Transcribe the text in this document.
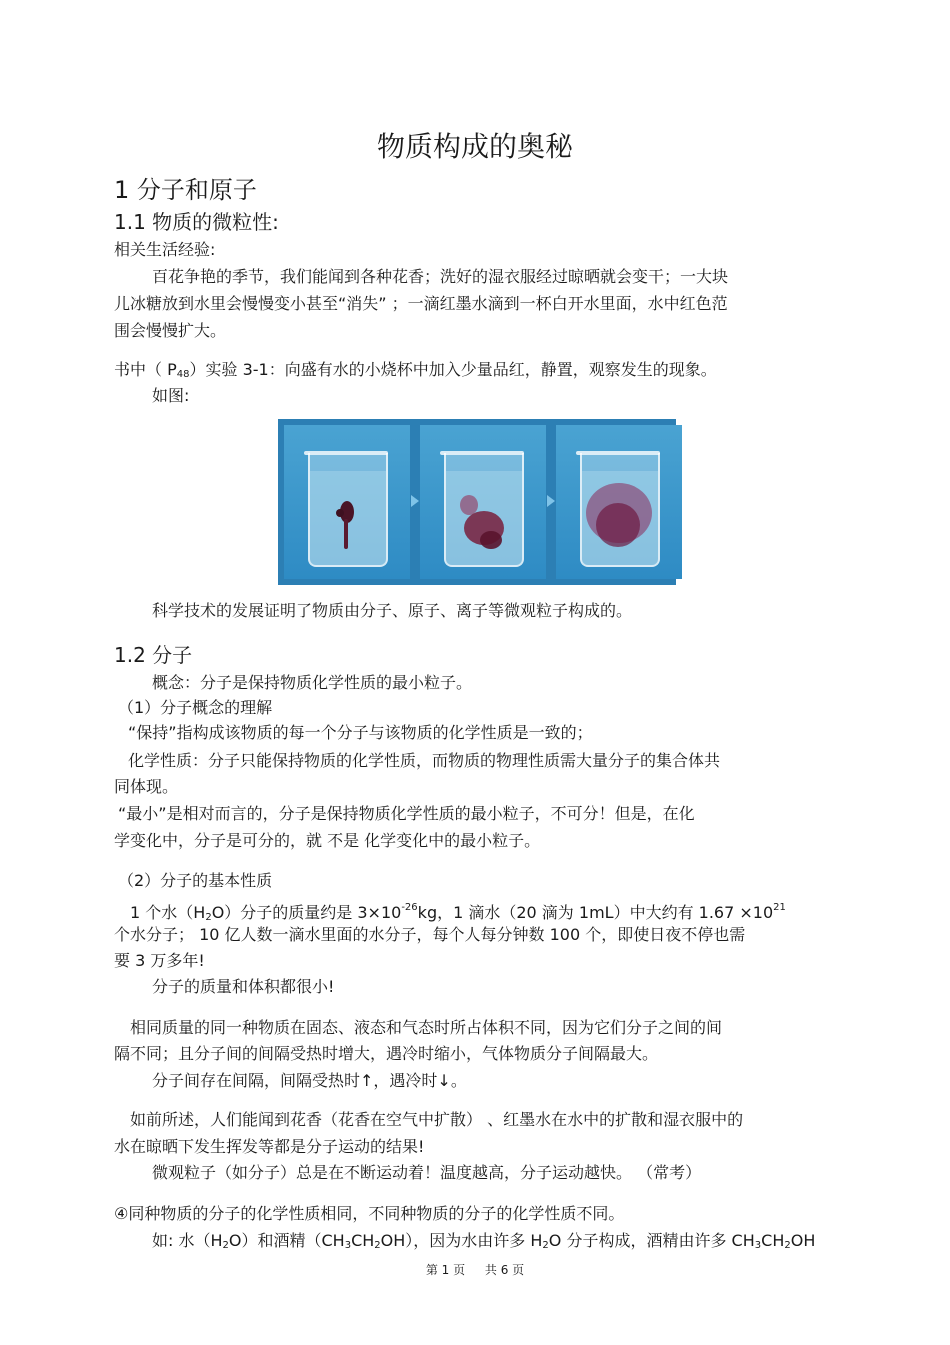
物质构成的奥秘
1 分子和原子
1.1 物质的微粒性:
相关生活经验:
百花争艳的季节，我们能闻到各种花香；洗好的湿衣服经过晾晒就会变干；一大块
儿冰糖放到水里会慢慢变小甚至“消失” ；一滴红墨水滴到一杯白开水里面，水中红色范
围会慢慢扩大。
书中（ $P_{48}$）实验 3-1：向盛有水的小烧杯中加入少量品红，静置，观察发生的现象。
如图:
科学技术的发展证明了物质由分子、原子、离子等微观粒子构成的。
1.2 分子
概念：分子是保持物质化学性质的最小粒子。
（1）分子概念的理解
“保持”指构成该物质的每一个分子与该物质的化学性质是一致的；
化学性质：分子只能保持物质的化学性质，而物质的物理性质需大量分子的集合体共
同体现。
“最小”是相对而言的，分子是保持物质化学性质的最小粒子，不可分！但是，在化
学变化中，分子是可分的，就 不是 化学变化中的最小粒子。
（2）分子的基本性质
1 个水$(H_2O)$分子的质量约是 $3\times 10^{-26}kg$，1 滴水（20 滴为 1mL）中大约有 $1.67 \times 10^{21}$
个水分子； 10 亿人数一滴水里面的水分子，每个人每分钟数 100 个，即使日夜不停也需
要 3 万多年!
分子的质量和体积都很小!
相同质量的同一种物质在固态、液态和气态时所占体积不同，因为它们分子之间的间
隔不同；且分子间的间隔受热时增大，遇冷时缩小，气体物质分子间隔最大。
分子间存在间隔，间隔受热时↑，遇冷时↓。
如前所述，人们能闻到花香（花香在空气中扩散） 、红墨水在水中的扩散和湿衣服中的
水在晾晒下发生挥发等都是分子运动的结果!
微观粒子（如分子）总是在不断运动着！温度越高，分子运动越快。 （常考）
④同种物质的分子的化学性质相同，不同种物质的分子的化学性质不同。
如: 水$(H_2O)$和酒精$(CH_3CH_2OH)$，因为水由许多 $H_2O$ 分子构成，酒精由许多 $CH_3CH_2OH$
第 1 页 共 6 页
